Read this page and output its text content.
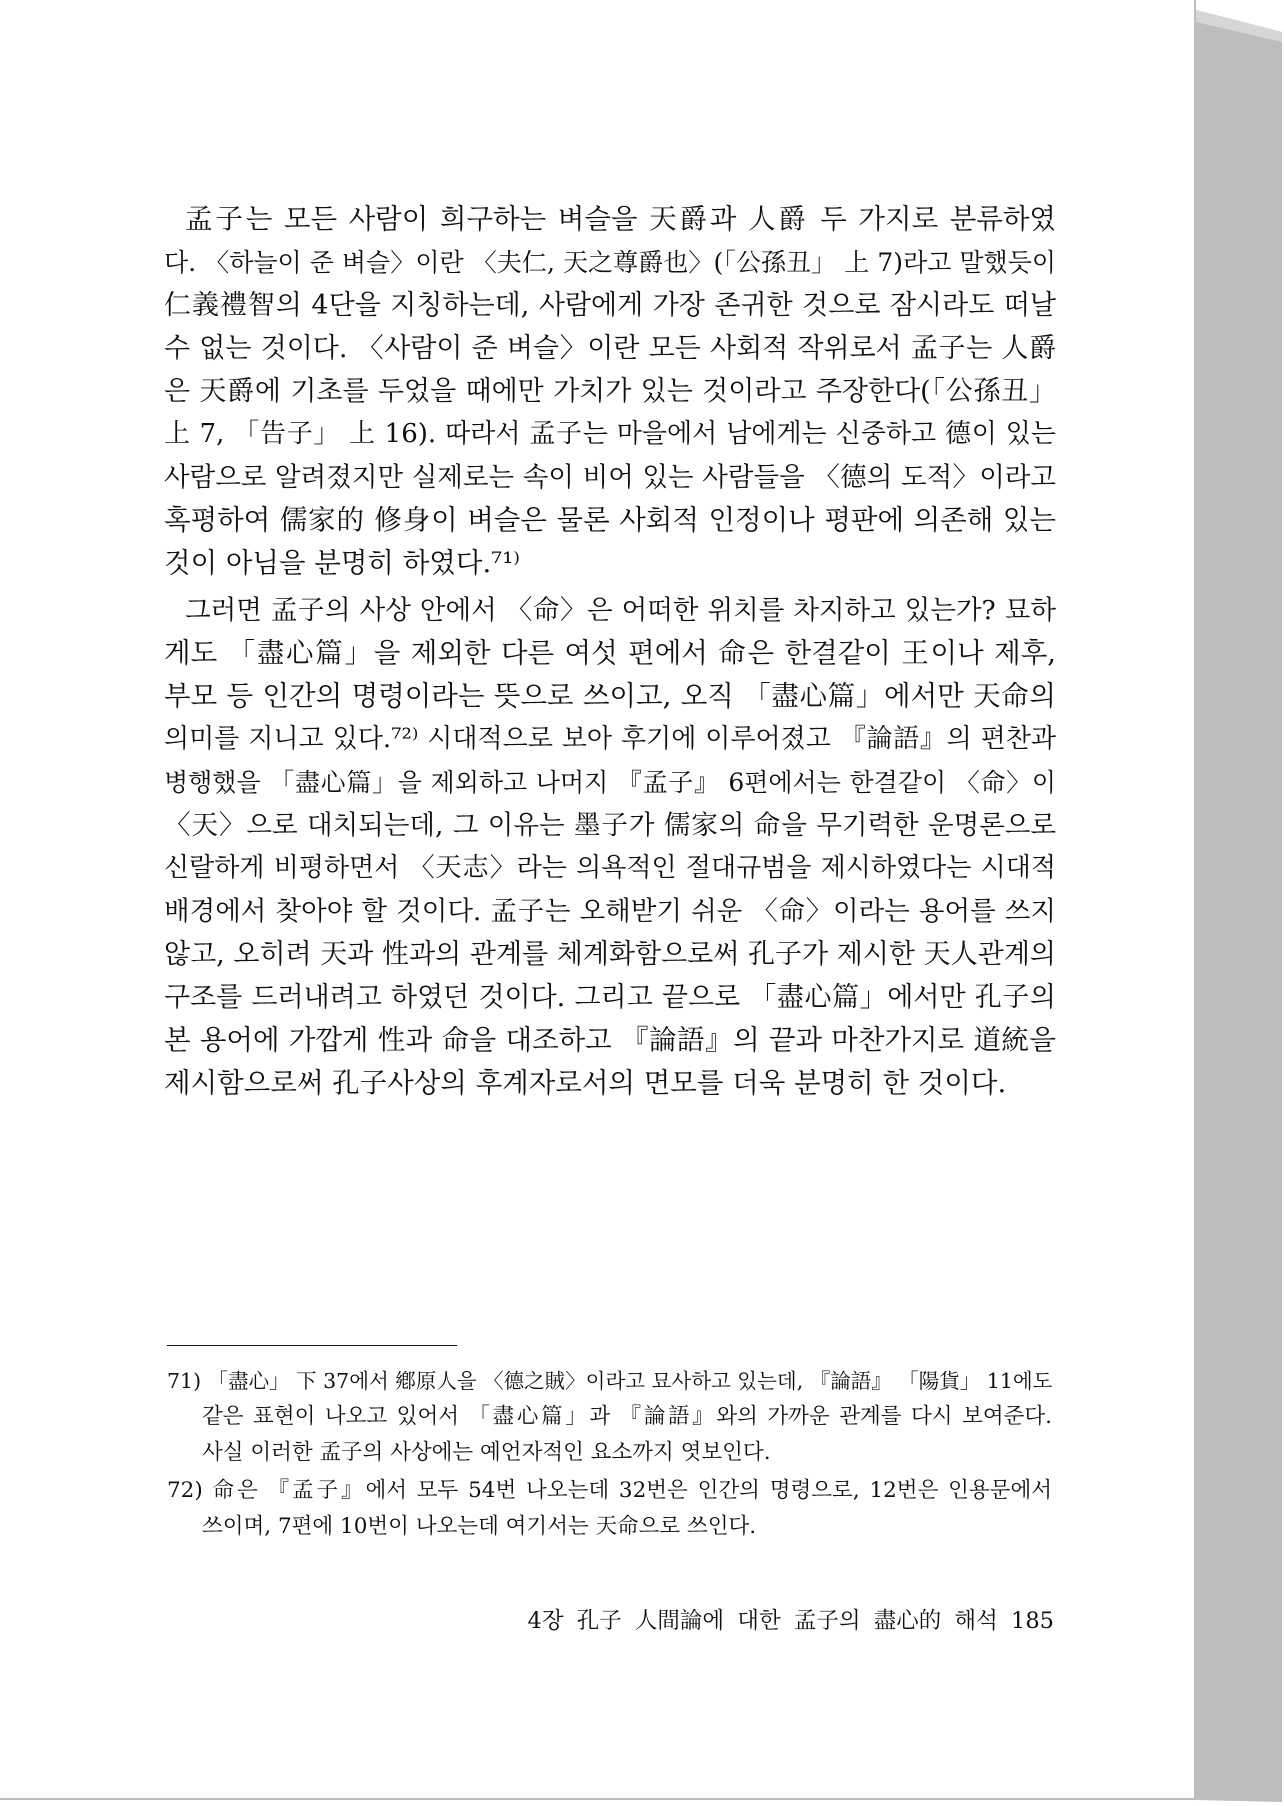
孟子는 모든 사람이 희구하는 벼슬을 天爵과 人爵 두 가지로 분류하였
다. 〈하늘이 준 벼슬〉이란 〈夫仁, 天之尊爵也〉(「公孫丑」 上 7)라고 말했듯이
仁義禮智의 4단을 지칭하는데, 사람에게 가장 존귀한 것으로 잠시라도 떠날
수 없는 것이다. 〈사람이 준 벼슬〉이란 모든 사회적 작위로서 孟子는 人爵
은 天爵에 기초를 두었을 때에만 가치가 있는 것이라고 주장한다(「公孫丑」
上 7, 「告子」 上 16). 따라서 孟子는 마을에서 남에게는 신중하고 德이 있는
사람으로 알려졌지만 실제로는 속이 비어 있는 사람들을 〈德의 도적〉이라고
혹평하여 儒家的 修身이 벼슬은 물론 사회적 인정이나 평판에 의존해 있는
것이 아님을 분명히 하였다.⁷¹⁾
그러면 孟子의 사상 안에서 〈命〉은 어떠한 위치를 차지하고 있는가? 묘하
게도 「盡心篇」을 제외한 다른 여섯 편에서 命은 한결같이 王이나 제후,
부모 등 인간의 명령이라는 뜻으로 쓰이고, 오직 「盡心篇」에서만 天命의
의미를 지니고 있다.⁷²⁾ 시대적으로 보아 후기에 이루어졌고 『論語』의 편찬과
병행했을 「盡心篇」을 제외하고 나머지 『孟子』 6편에서는 한결같이 〈命〉이
〈天〉으로 대치되는데, 그 이유는 墨子가 儒家의 命을 무기력한 운명론으로
신랄하게 비평하면서 〈天志〉라는 의욕적인 절대규범을 제시하였다는 시대적
배경에서 찾아야 할 것이다. 孟子는 오해받기 쉬운 〈命〉이라는 용어를 쓰지
않고, 오히려 天과 性과의 관계를 체계화함으로써 孔子가 제시한 天人관계의
구조를 드러내려고 하였던 것이다. 그리고 끝으로 「盡心篇」에서만 孔子의
본 용어에 가깝게 性과 命을 대조하고 『論語』의 끝과 마찬가지로 道統을
제시함으로써 孔子사상의 후계자로서의 면모를 더욱 분명히 한 것이다.
71) 「盡心」 下 37에서 鄕原人을 〈德之賊〉이라고 묘사하고 있는데, 『論語』 「陽貨」 11에도
같은 표현이 나오고 있어서 「盡心篇」과 『論語』와의 가까운 관계를 다시 보여준다.
사실 이러한 孟子의 사상에는 예언자적인 요소까지 엿보인다.
72) 命은 『孟子』에서 모두 54번 나오는데 32번은 인간의 명령으로, 12번은 인용문에서
쓰이며, 7편에 10번이 나오는데 여기서는 天命으로 쓰인다.
4장 孔子 人間論에 대한 孟子의 盡心的 해석 185
